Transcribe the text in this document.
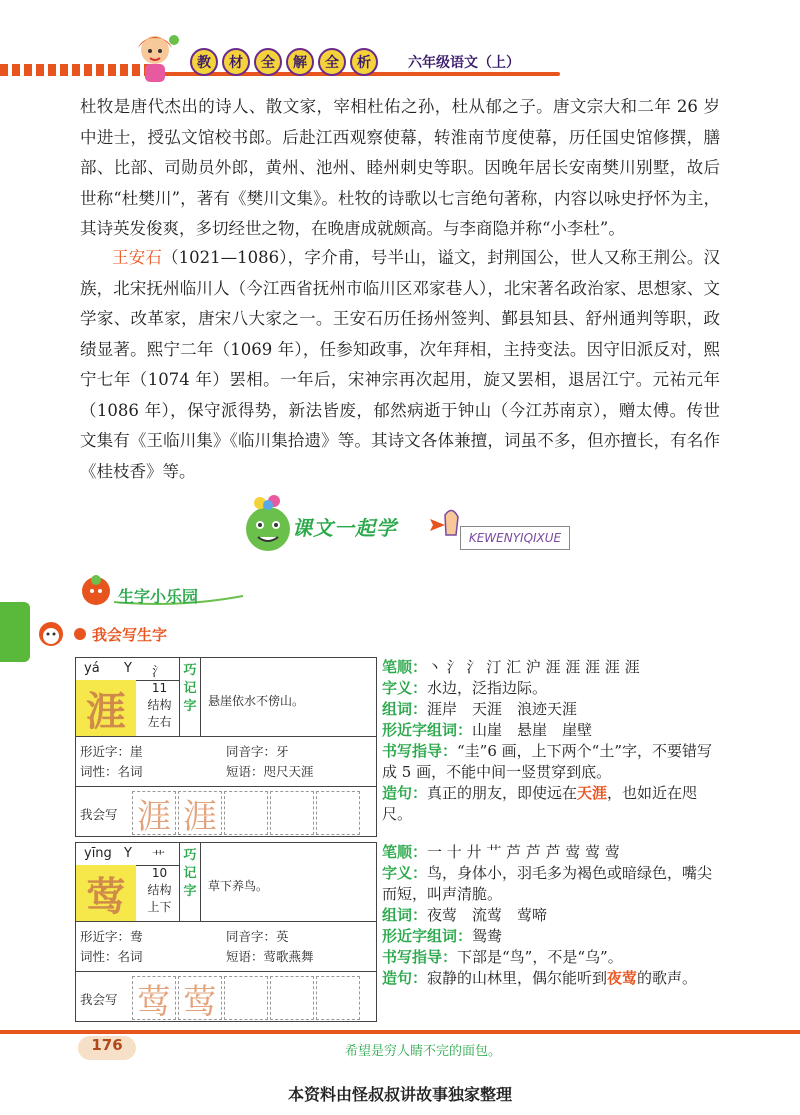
教	材	全	解	全	析	六年级语文（上）
杜牧是唐代杰出的诗人、散文家，宰相杜佑之孙，杜从郁之子。唐文宗大和二年 26 岁中进士，授弘文馆校书郎。后赴江西观察使幕，转淮南节度使幕，历任国史馆修撰，膳部、比部、司勋员外郎，黄州、池州、睦州刺史等职。因晚年居长安南樊川别墅，故后世称“杜樊川”，著有《樊川文集》。杜牧的诗歌以七言绝句著称，内容以咏史抒怀为主，其诗英发俊爽，多切经世之物，在晚唐成就颇高。与李商隐并称“小李杜”。
王安石（1021—1086），字介甫，号半山，谥文，封荆国公，世人又称王荆公。汉族，北宋抚州临川人（今江西省抚州市临川区邓家巷人），北宋著名政治家、思想家、文学家、改革家，唐宋八大家之一。王安石历任扬州签判、鄞县知县、舒州通判等职，政绩显著。熙宁二年（1069 年），任参知政事，次年拜相，主持变法。因守旧派反对，熙宁七年（1074 年）罢相。一年后，宋神宗再次起用，旋又罢相，退居江宁。元祐元年（1086 年），保守派得势，新法皆废，郁然病逝于钟山（今江苏南京），赠太傅。传世文集有《王临川集》《临川集拾遗》等。其诗文各体兼擅，词虽不多，但亦擅长，有名作《桂枝香》等。
课文一起学	KEWENYIQIXUE
生字小乐园
我会写生字
yá Y 氵
涯	11
结构
左右
巧记字 悬崖依水不傍山。
形近字：崖	同音字：牙
词性：名词	短语：咫尺天涯
我会写 涯 涯

笔顺：丶 氵 氵 汀 汇 沪 涯 涯 涯 涯 涯

字义：水边，泛指边际。

组词：涯岸　天涯　浪迹天涯

形近字组词：山崖　悬崖　崖壁

书写指导：“圭”6 画，上下两个“土”字，不要错写成 5 画，不能中间一竖贯穿到底。

造句：真正的朋友，即使远在天涯，也如近在咫尺。

yīng Y 艹
莺	10
结构
上下
巧记字 草下养鸟。
形近字：鸯	同音字：英
词性：名词	短语：莺歌燕舞
我会写 莺 莺

笔顺：一 十 廾 艹 芦 芦 芦 莺 莺 莺

字义：鸟，身体小，羽毛多为褐色或暗绿色，嘴尖而短，叫声清脆。

组词：夜莺　流莺　莺啼

形近字组词：鸳鸯

书写指导：下部是“鸟”，不是“乌”。

造句：寂静的山林里，偶尔能听到夜莺的歌声。

176	希望是穷人睛不完的面包。
本资料由怪叔叔讲故事独家整理
